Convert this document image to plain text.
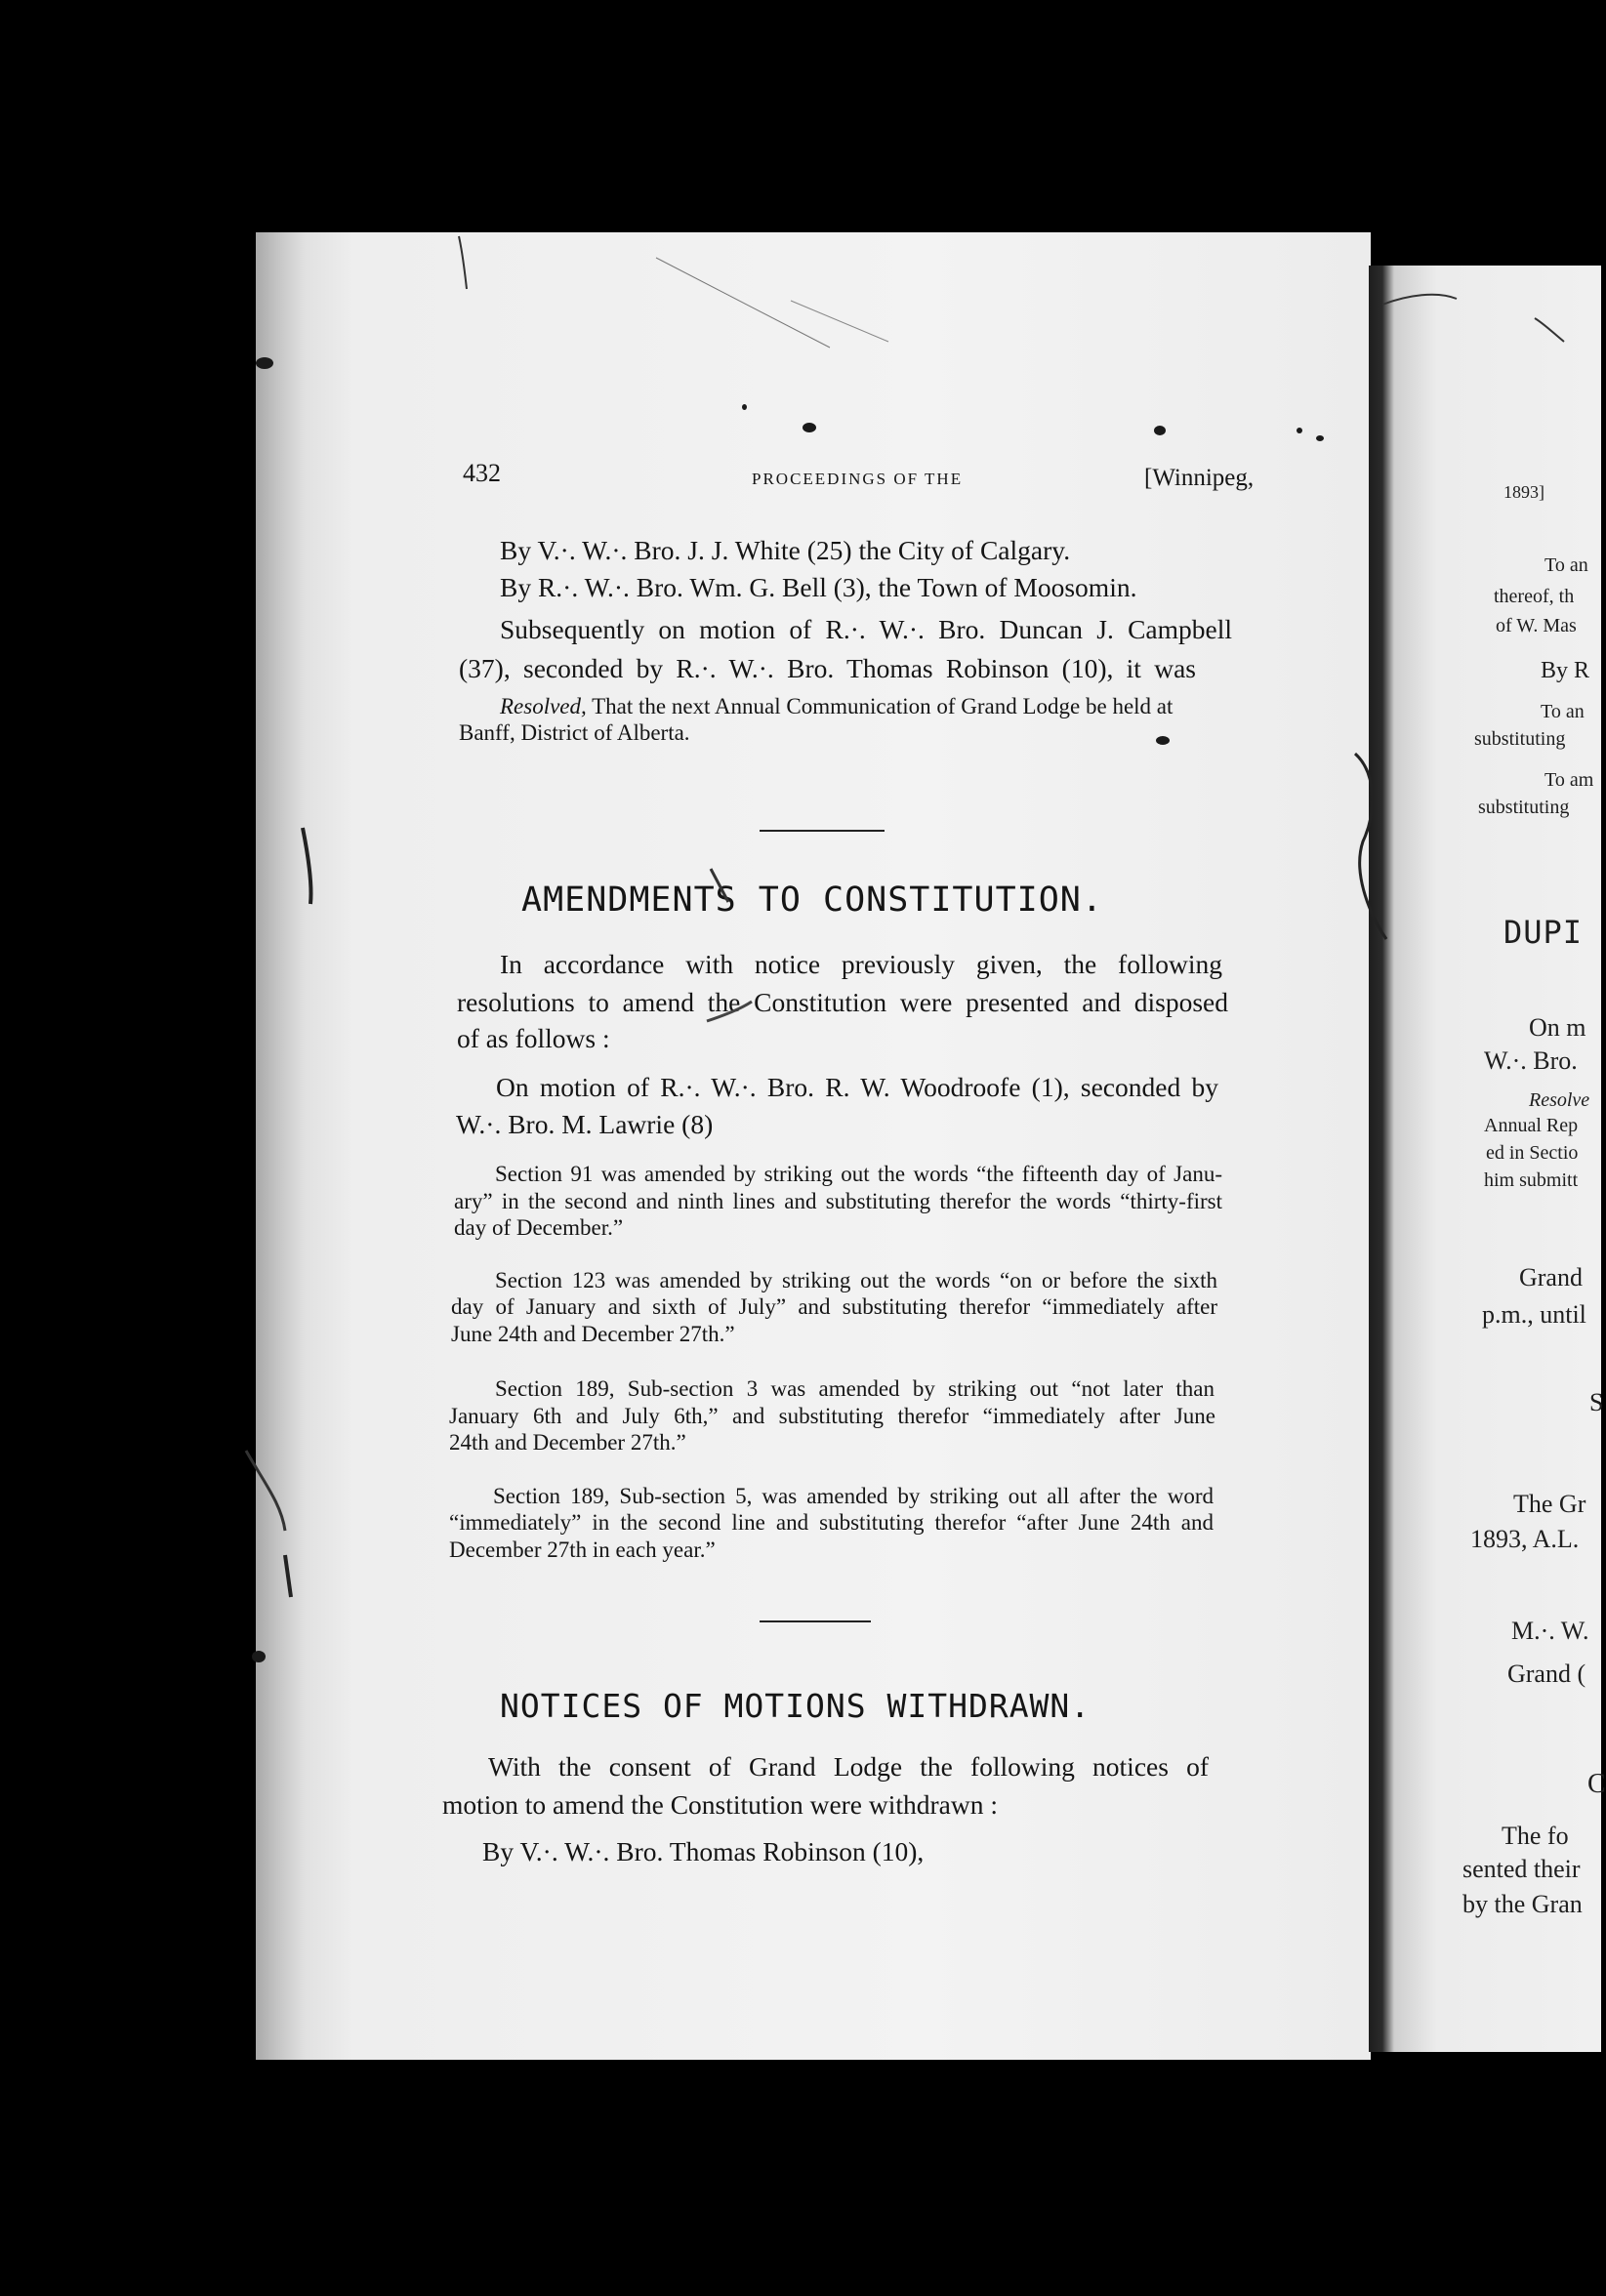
432	PROCEEDINGS OF THE	[Winnipeg,
By V.·. W.·. Bro. J. J. White (25) the City of Calgary.
By R.·. W.·. Bro. Wm. G. Bell (3), the Town of Moosomin.
Subsequently on motion of R.·. W.·. Bro. Duncan J. Campbell
(37), seconded by R.·. W.·. Bro. Thomas Robinson (10), it was
Resolved, That the next Annual Communication of Grand Lodge be held at
Banff, District of Alberta.
AMENDMENTS TO CONSTITUTION.
In accordance with notice previously given, the following
resolutions to amend the Constitution were presented and disposed
of as follows :
On motion of R.·. W.·. Bro. R. W. Woodroofe (1), seconded by
W.·. Bro. M. Lawrie (8)
Section 91 was amended by striking out the words “the fifteenth day of Janu-
ary” in the second and ninth lines and substituting therefor the words “thirty-first
day of December.”
Section 123 was amended by striking out the words “on or before the sixth
day of January and sixth of July” and substituting therefor “immediately after
June 24th and December 27th.”
Section 189, Sub-section 3 was amended by striking out “not later than
January 6th and July 6th,” and substituting therefor “immediately after June
24th and December 27th.”
Section 189, Sub-section 5, was amended by striking out all after the word
“immediately” in the second line and substituting therefor “after June 24th and
December 27th in each year.”
NOTICES OF MOTIONS WITHDRAWN.
With the consent of Grand Lodge the following notices of
motion to amend the Constitution were withdrawn :
By V.·. W.·. Bro. Thomas Robinson (10),
1893]
To an
thereof, th
of W. Mas
By R
To an
substituting
To am
substituting
DUPI
On m
W.·. Bro.
Resolve
Annual Rep
ed in Sectio
him submitt
Grand
p.m., until
S
The Gr
1893, A.L.
M.·. W.
Grand (
C
The fo
sented their
by the Gran
